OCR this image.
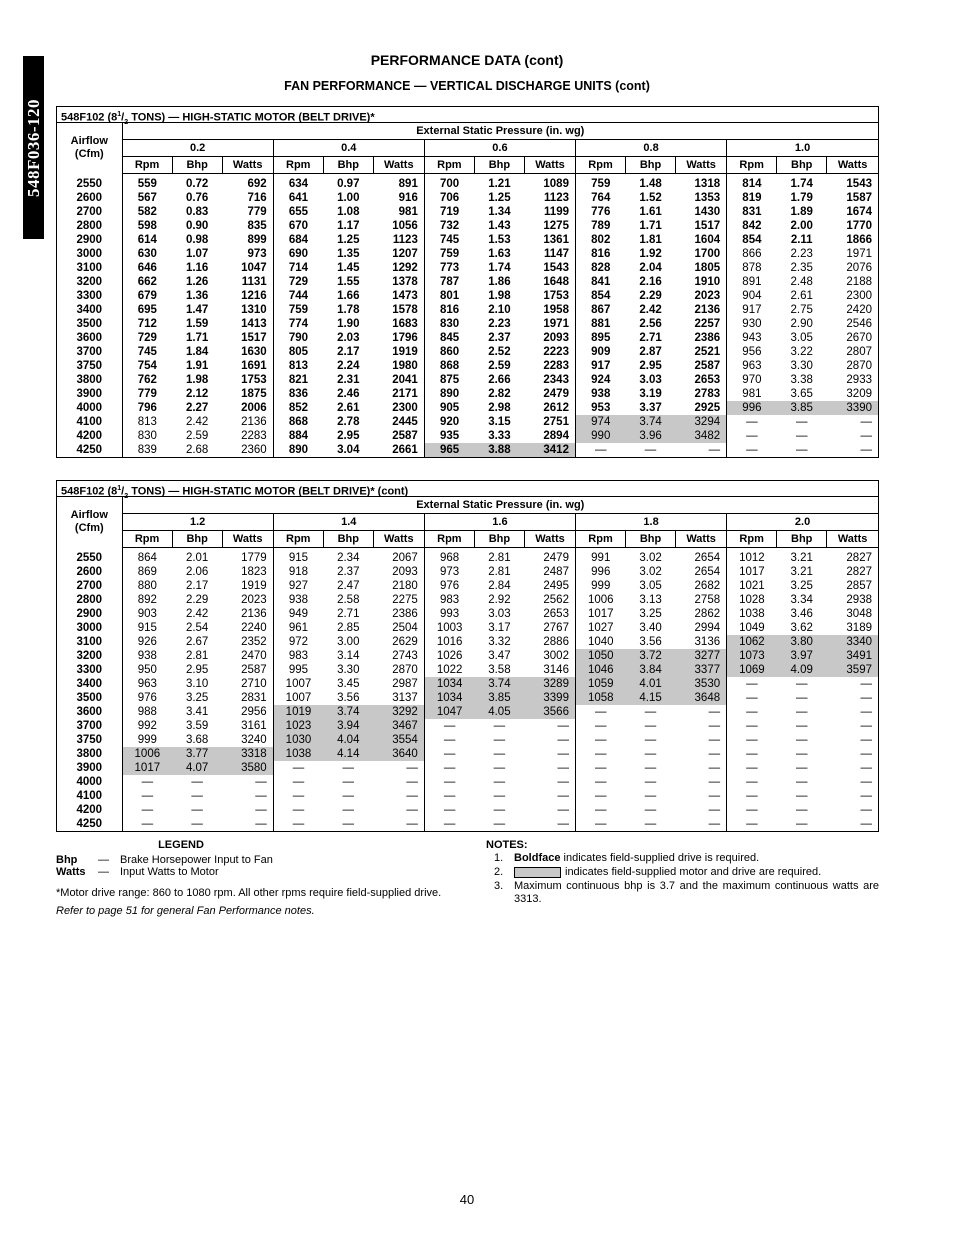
548F036-120
PERFORMANCE DATA (cont)
FAN PERFORMANCE — VERTICAL DISCHARGE UNITS (cont)
548F102 ($8^1/_2$ TONS) — HIGH-STATIC MOTOR (BELT DRIVE)*
Airflow
(Cfm)	External Static Pressure (in. wg)														
	0.2			0.4			0.6			0.8			1.0		
	Rpm	Bhp	Watts	Rpm	Bhp	Watts	Rpm	Bhp	Watts	Rpm	Bhp	Watts	Rpm	Bhp	Watts
2550	559	0.72	692	634	0.97	891	700	1.21	1089	759	1.48	1318	814	1.74	1543
2600	567	0.76	716	641	1.00	916	706	1.25	1123	764	1.52	1353	819	1.79	1587
2700	582	0.83	779	655	1.08	981	719	1.34	1199	776	1.61	1430	831	1.89	1674
2800	598	0.90	835	670	1.17	1056	732	1.43	1275	789	1.71	1517	842	2.00	1770
2900	614	0.98	899	684	1.25	1123	745	1.53	1361	802	1.81	1604	854	2.11	1866
3000	630	1.07	973	690	1.35	1207	759	1.63	1147	816	1.92	1700	866	2.23	1971
3100	646	1.16	1047	714	1.45	1292	773	1.74	1543	828	2.04	1805	878	2.35	2076
3200	662	1.26	1131	729	1.55	1378	787	1.86	1648	841	2.16	1910	891	2.48	2188
3300	679	1.36	1216	744	1.66	1473	801	1.98	1753	854	2.29	2023	904	2.61	2300
3400	695	1.47	1310	759	1.78	1578	816	2.10	1958	867	2.42	2136	917	2.75	2420
3500	712	1.59	1413	774	1.90	1683	830	2.23	1971	881	2.56	2257	930	2.90	2546
3600	729	1.71	1517	790	2.03	1796	845	2.37	2093	895	2.71	2386	943	3.05	2670
3700	745	1.84	1630	805	2.17	1919	860	2.52	2223	909	2.87	2521	956	3.22	2807
3750	754	1.91	1691	813	2.24	1980	868	2.59	2283	917	2.95	2587	963	3.30	2870
3800	762	1.98	1753	821	2.31	2041	875	2.66	2343	924	3.03	2653	970	3.38	2933
3900	779	2.12	1875	836	2.46	2171	890	2.82	2479	938	3.19	2783	981	3.65	3209
4000	796	2.27	2006	852	2.61	2300	905	2.98	2612	953	3.37	2925	996	3.85	3390
4100	813	2.42	2136	868	2.78	2445	920	3.15	2751	974	3.74	3294	—	—	—
4200	830	2.59	2283	884	2.95	2587	935	3.33	2894	990	3.96	3482	—	—	—
4250	839	2.68	2360	890	3.04	2661	965	3.88	3412	—	—	—	—	—	—
548F102 ($8^1/_2$ TONS) — HIGH-STATIC MOTOR (BELT DRIVE)* (cont)
Airflow
(Cfm)	External Static Pressure (in. wg)														
	1.2			1.4			1.6			1.8			2.0		
	Rpm	Bhp	Watts	Rpm	Bhp	Watts	Rpm	Bhp	Watts	Rpm	Bhp	Watts	Rpm	Bhp	Watts
2550	864	2.01	1779	915	2.34	2067	968	2.81	2479	991	3.02	2654	1012	3.21	2827
2600	869	2.06	1823	918	2.37	2093	973	2.81	2487	996	3.02	2654	1017	3.21	2827
2700	880	2.17	1919	927	2.47	2180	976	2.84	2495	999	3.05	2682	1021	3.25	2857
2800	892	2.29	2023	938	2.58	2275	983	2.92	2562	1006	3.13	2758	1028	3.34	2938
2900	903	2.42	2136	949	2.71	2386	993	3.03	2653	1017	3.25	2862	1038	3.46	3048
3000	915	2.54	2240	961	2.85	2504	1003	3.17	2767	1027	3.40	2994	1049	3.62	3189
3100	926	2.67	2352	972	3.00	2629	1016	3.32	2886	1040	3.56	3136	1062	3.80	3340
3200	938	2.81	2470	983	3.14	2743	1026	3.47	3002	1050	3.72	3277	1073	3.97	3491
3300	950	2.95	2587	995	3.30	2870	1022	3.58	3146	1046	3.84	3377	1069	4.09	3597
3400	963	3.10	2710	1007	3.45	2987	1034	3.74	3289	1059	4.01	3530	—	—	—
3500	976	3.25	2831	1007	3.56	3137	1034	3.85	3399	1058	4.15	3648	—	—	—
3600	988	3.41	2956	1019	3.74	3292	1047	4.05	3566	—	—	—	—	—	—
3700	992	3.59	3161	1023	3.94	3467	—	—	—	—	—	—	—	—	—
3750	999	3.68	3240	1030	4.04	3554	—	—	—	—	—	—	—	—	—
3800	1006	3.77	3318	1038	4.14	3640	—	—	—	—	—	—	—	—	—
3900	1017	4.07	3580	—	—	—	—	—	—	—	—	—	—	—	—
4000	—	—	—	—	—	—	—	—	—	—	—	—	—	—	—
4100	—	—	—	—	—	—	—	—	—	—	—	—	—	—	—
4200	—	—	—	—	—	—	—	—	—	—	—	—	—	—	—
4250	—	—	—	—	—	—	—	—	—	—	—	—	—	—	—
LEGEND
Bhp	—	Brake Horsepower Input to Fan
Watts	—	Input Watts to Motor
*Motor drive range: 860 to 1080 rpm. All other rpms require field-supplied drive.
Refer to page 51 for general Fan Performance notes.
NOTES:
1. Boldface indicates field-supplied drive is required.
2.	indicates field-supplied motor and drive are required.
3. Maximum continuous bhp is 3.7 and the maximum continuous watts are 3313.
40
